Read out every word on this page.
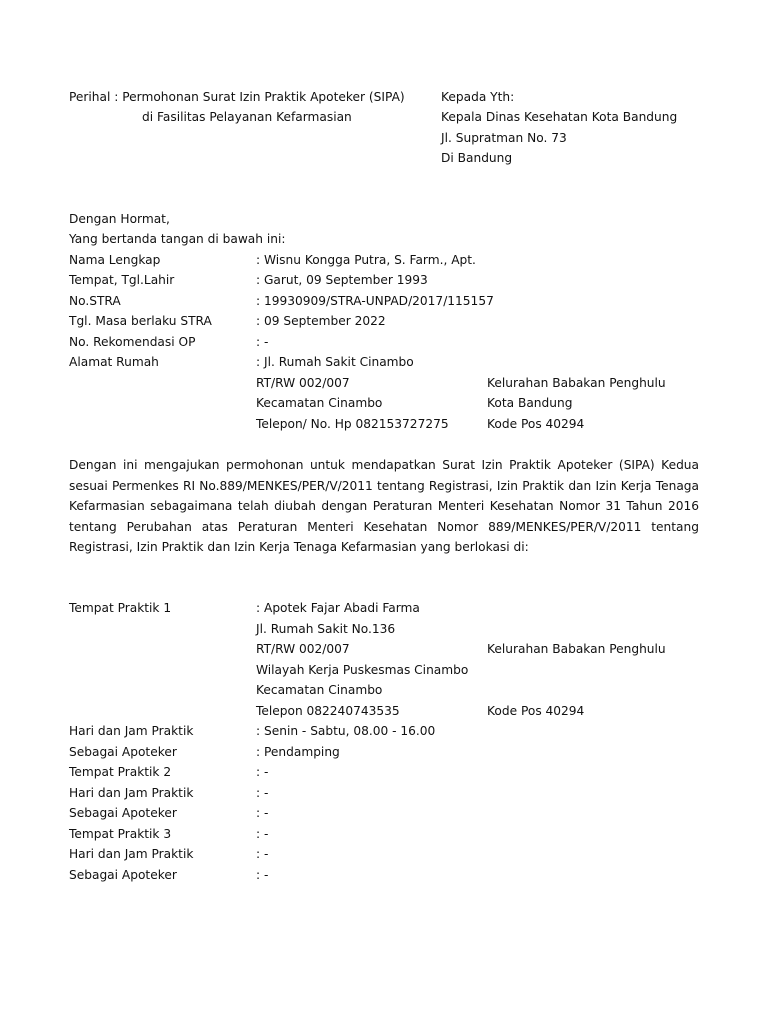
Perihal : Permohonan Surat Izin Praktik Apoteker (SIPA)
di Fasilitas Pelayanan Kefarmasian
Kepada Yth:
Kepala Dinas Kesehatan Kota Bandung
Jl. Supratman No. 73
Di Bandung
Dengan Hormat,
Yang bertanda tangan di bawah ini:
Nama Lengkap	: Wisnu Kongga Putra, S. Farm., Apt.
Tempat, Tgl.Lahir	: Garut, 09 September 1993
No.STRA	: 19930909/STRA-UNPAD/2017/115157
Tgl. Masa berlaku STRA	: 09 September 2022
No. Rekomendasi OP	: -
Alamat Rumah	: Jl. Rumah Sakit Cinambo
RT/RW 002/007	Kelurahan Babakan Penghulu
Kecamatan Cinambo	Kota Bandung
Telepon/ No. Hp 082153727275	Kode Pos 40294
Dengan ini mengajukan permohonan untuk mendapatkan Surat Izin Praktik Apoteker (SIPA) Kedua sesuai Permenkes RI No.889/MENKES/PER/V/2011 tentang Registrasi, Izin Praktik dan Izin Kerja Tenaga Kefarmasian sebagaimana telah diubah dengan Peraturan Menteri Kesehatan Nomor 31 Tahun 2016 tentang Perubahan atas Peraturan Menteri Kesehatan Nomor 889/MENKES/PER/V/2011 tentang Registrasi, Izin Praktik dan Izin Kerja Tenaga Kefarmasian yang berlokasi di:
Tempat Praktik 1	: Apotek Fajar Abadi Farma
Jl. Rumah Sakit No.136
RT/RW 002/007	Kelurahan Babakan Penghulu
Wilayah Kerja Puskesmas Cinambo
Kecamatan Cinambo
Telepon 082240743535	Kode Pos 40294
Hari dan Jam Praktik	: Senin - Sabtu, 08.00 - 16.00
Sebagai Apoteker	: Pendamping
Tempat Praktik 2	: -
Hari dan Jam Praktik	: -
Sebagai Apoteker	: -
Tempat Praktik 3	: -
Hari dan Jam Praktik	: -
Sebagai Apoteker	: -
